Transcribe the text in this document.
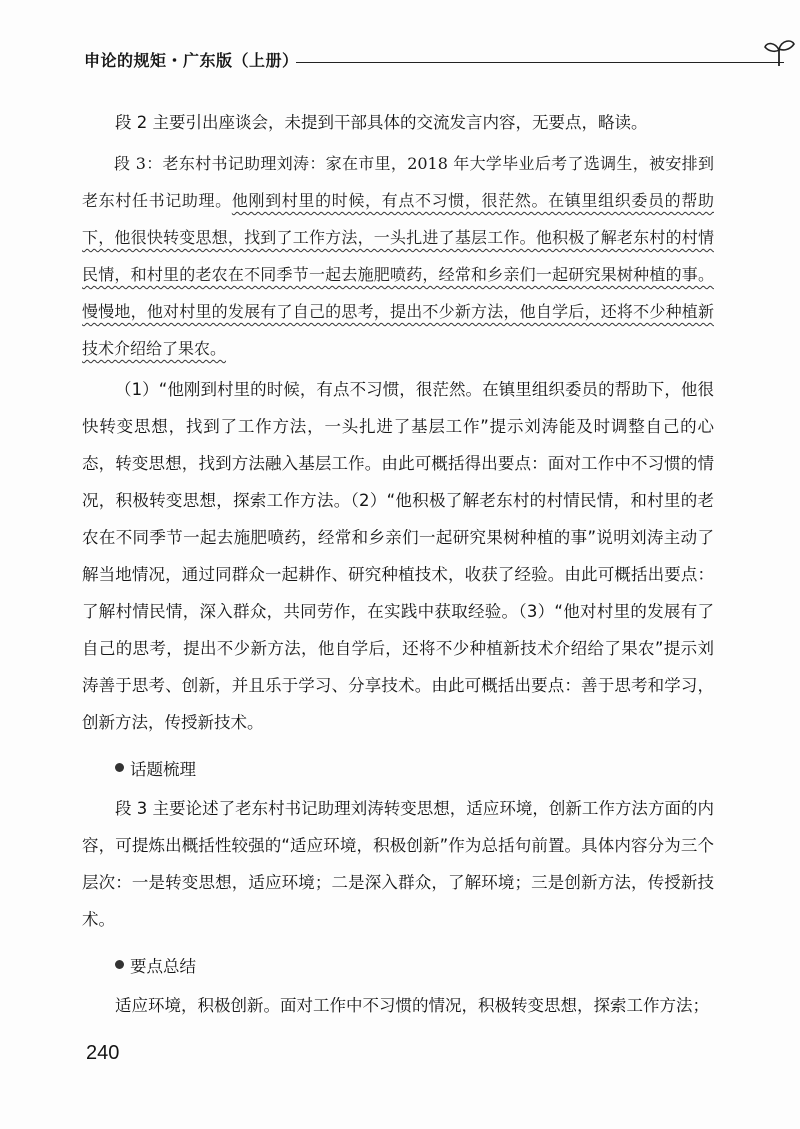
申论的规矩・广东版（上册）

段 2 主要引出座谈会，未提到干部具体的交流发言内容，无要点，略读。

段 3：老东村书记助理刘涛：家在市里，2018 年大学毕业后考了选调生，被安排到老东村任书记助理。他刚到村里的时候，有点不习惯，很茫然。在镇里组织委员的帮助下，他很快转变思想，找到了工作方法，一头扎进了基层工作。他积极了解老东村的村情民情，和村里的老农在不同季节一起去施肥喷药，经常和乡亲们一起研究果树种植的事。慢慢地，他对村里的发展有了自己的思考，提出不少新方法，他自学后，还将不少种植新技术介绍给了果农。

（1）“他刚到村里的时候，有点不习惯，很茫然。在镇里组织委员的帮助下，他很快转变思想，找到了工作方法，一头扎进了基层工作”提示刘涛能及时调整自己的心态，转变思想，找到方法融入基层工作。由此可概括得出要点：面对工作中不习惯的情况，积极转变思想，探索工作方法。（2）“他积极了解老东村的村情民情，和村里的老农在不同季节一起去施肥喷药，经常和乡亲们一起研究果树种植的事”说明刘涛主动了解当地情况，通过同群众一起耕作、研究种植技术，收获了经验。由此可概括出要点：了解村情民情，深入群众，共同劳作，在实践中获取经验。（3）“他对村里的发展有了自己的思考，提出不少新方法，他自学后，还将不少种植新技术介绍给了果农”提示刘涛善于思考、创新，并且乐于学习、分享技术。由此可概括出要点：善于思考和学习，创新方法，传授新技术。

话题梳理

段 3 主要论述了老东村书记助理刘涛转变思想，适应环境，创新工作方法方面的内容，可提炼出概括性较强的“适应环境，积极创新”作为总括句前置。具体内容分为三个层次：一是转变思想，适应环境；二是深入群众，了解环境；三是创新方法，传授新技术。

要点总结

适应环境，积极创新。面对工作中不习惯的情况，积极转变思想，探索工作方法；

240
